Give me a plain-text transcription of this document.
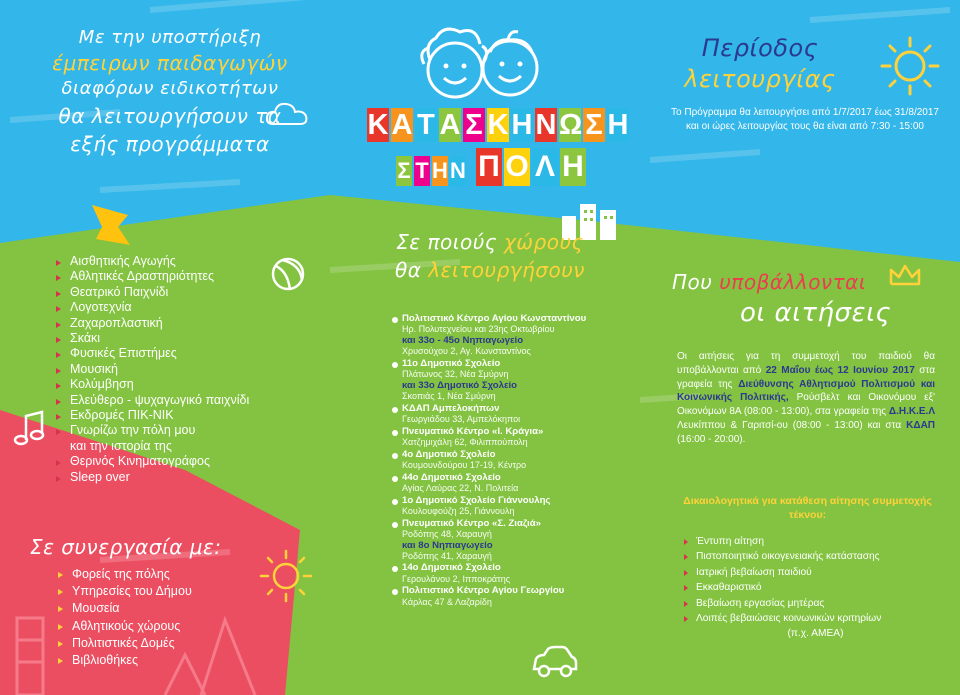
Με την υποστήριξη
έμπειρων παιδαγωγών
διαφόρων ειδικοτήτων
θα λειτουργήσουν τα
εξής προγράμματα
Κ Α Τ Α Σ Κ Η ΝΩ Σ Η
Σ Τ ΗΝ Π Ο Λ Η
Περίοδος
λειτουργίας
Το Πρόγραμμα θα λειτουργήσει από 1/7/2017 έως 31/8/2017 και οι ώρες λειτουργίας τους θα είναι από 7:30 - 15:00
Σε ποιούς χώρους
θα λειτουργήσουν
Πολιτιστικό Κέντρο Αγίου Κωνσταντίνου
Ηρ. Πολυτεχνείου και 23ης Οκτωβρίου
και 33ο - 45ο Νηπιαγωγείο
Χρυσούχου 2, Αγ. Κωνσταντίνος
11ο Δημοτικό Σχολείο
Πλάτωνος 32, Νέα Σμύρνη
και 33ο Δημοτικό Σχολείο
Σκοπιάς 1, Νέα Σμύρνη
ΚΔΑΠ Αμπελοκήπων
Γεωργιάδου 33, Αμπελόκηποι
Πνευματικό Κέντρο «Ι. Κράγια»
Χατζημιχάλη 62, Φιλιππούπολη
4ο Δημοτικό Σχολείο
Κουμουνδούρου 17-19, Κέντρο
44ο Δημοτικό Σχολείο
Αγίας Λαύρας 22, Ν. Πολιτεία
1ο Δημοτικό Σχολείο Γιάννουλης
Κουλουφούζη 25, Γιάννουλη
Πνευματικό Κέντρο «Σ. Ζιαζιά»
Ροδόπης 48, Χαραυγή
και 8ο Νηπιαγωγείο
Ροδόπης 41, Χαραυγή
14ο Δημοτικό Σχολείο
Γερουλάνου 2, Ιπποκράτης
Πολιτιστικό Κέντρο Αγίου Γεωργίου
Κάρλας 47 & Λαζαρίδη
Αισθητικής Αγωγής
Αθλητικές Δραστηριότητες
Θεατρικό Παιχνίδι
Λογοτεχνία
Ζαχαροπλαστική
Σκάκι
Φυσικές Επιστήμες
Μουσική
Κολύμβηση
Ελεύθερο - ψυχαγωγικό παιχνίδι
Εκδρομές ΠΙΚ-ΝΙΚ
Γνωρίζω την πόλη μου
και την ιστορία της
Θερινός Κινηματογράφος
Sleep over
Σε συνεργασία με:
Φορείς της πόλης
Υπηρεσίες του Δήμου
Μουσεία
Αθλητικούς χώρους
Πολιτιστικές Δομές
Βιβλιοθήκες
Που υποβάλλονται
οι αιτήσεις
Οι αιτήσεις για τη συμμετοχή του παιδιού θα υποβάλλονται από 22 Μαΐου έως 12 Ιουνίου 2017 στα γραφεία της Διεύθυνσης Αθλητισμού Πολιτισμού και Κοινωνικής Πολιτικής, Ρούσβελτ και Οικονόμου εξ' Οικονόμων 8Α (08:00 - 13:00), στα γραφεία της Δ.Η.Κ.Ε.Λ Λευκίππου & Γαριτσί-ου (08:00 - 13:00) και στα ΚΔΑΠ (16:00 - 20:00).
Δικαιολογητικά για κατάθεση αίτησης συμμετοχής τέκνου:
Έντυπη αίτηση
Πιστοποιητικό οικογενειακής κατάστασης
Ιατρική βεβαίωση παιδιού
Εκκαθαριστικό
Βεβαίωση εργασίας μητέρας
Λοιπές βεβαιώσεις κοινωνικών κριτηρίων
(π.χ. ΑΜΕΑ)
